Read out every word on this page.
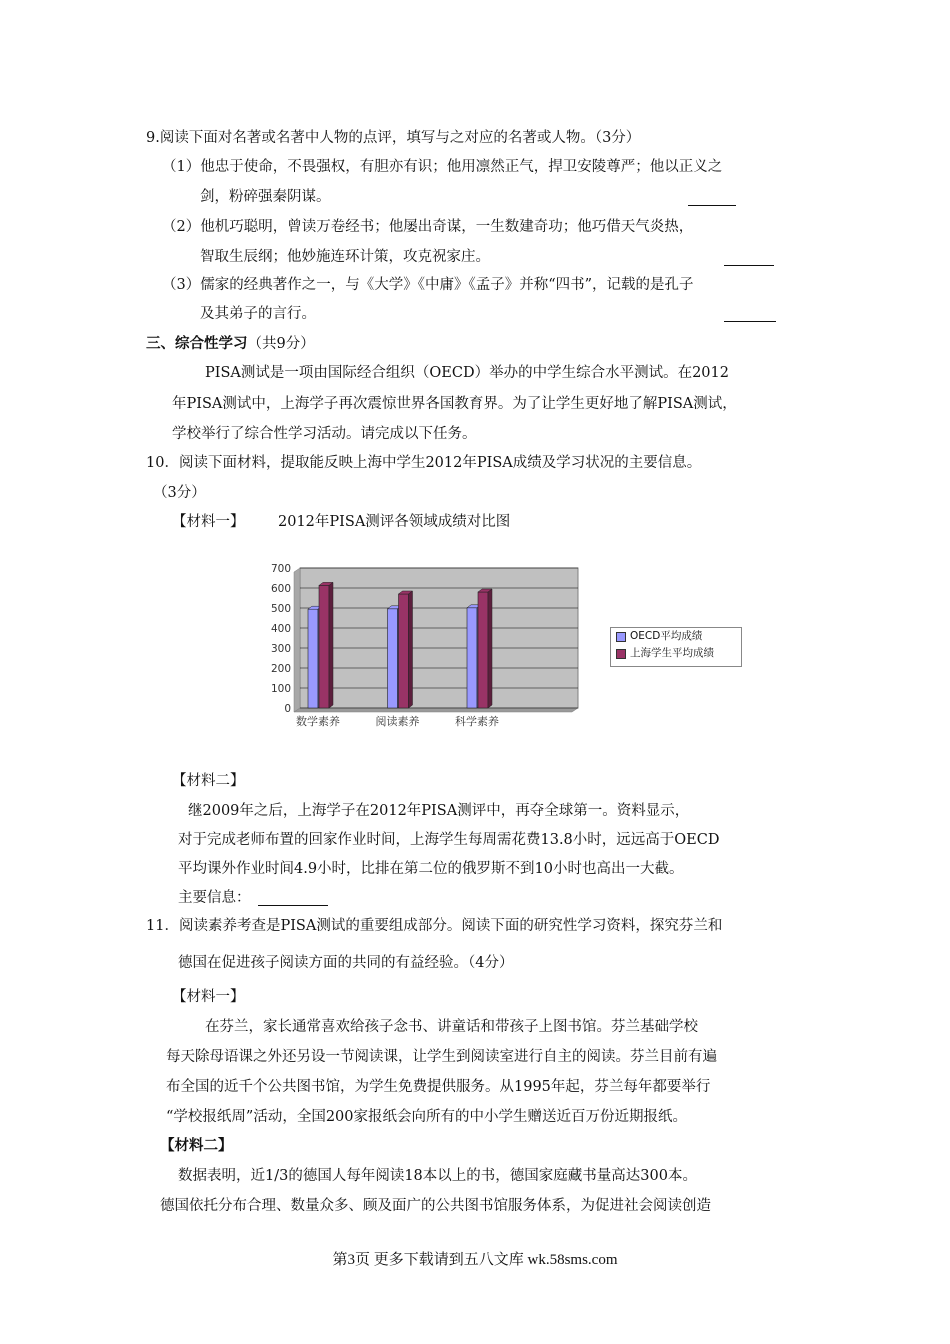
9.阅读下面对名著或名著中人物的点评，填写与之对应的名著或人物。（3分）
（1）他忠于使命，不畏强权，有胆亦有识；他用凛然正气，捍卫安陵尊严；他以正义之
剑，粉碎强秦阴谋。
（2）他机巧聪明，曾读万卷经书；他屡出奇谋，一生数建奇功；他巧借天气炎热，
智取生辰纲；他妙施连环计策，攻克祝家庄。
（3）儒家的经典著作之一，与《大学》《中庸》《孟子》并称“四书”，记载的是孔子
及其弟子的言行。
三、综合性学习（共9分）
PISA测试是一项由国际经合组织（OECD）举办的中学生综合水平测试。在2012
年PISA测试中，上海学子再次震惊世界各国教育界。为了让学生更好地了解PISA测试，
学校举行了综合性学习活动。请完成以下任务。
10．阅读下面材料，提取能反映上海中学生2012年PISA成绩及学习状况的主要信息。
（3分）
【材料一】 2012年PISA测评各领域成绩对比图
0
100
200
300
400
500
600
700
数学素养	阅读素养	科学素养
OECD平均成绩
上海学生平均成绩
【材料二】
继2009年之后，上海学子在2012年PISA测评中，再夺全球第一。资料显示，
对于完成老师布置的回家作业时间，上海学生每周需花费13.8小时，远远高于OECD
平均课外作业时间4.9小时，比排在第二位的俄罗斯不到10小时也高出一大截。
主要信息：
11．阅读素养考查是PISA测试的重要组成部分。阅读下面的研究性学习资料，探究芬兰和
德国在促进孩子阅读方面的共同的有益经验。（4分）
【材料一】
在芬兰，家长通常喜欢给孩子念书、讲童话和带孩子上图书馆。芬兰基础学校
每天除母语课之外还另设一节阅读课，让学生到阅读室进行自主的阅读。芬兰目前有遍
布全国的近千个公共图书馆，为学生免费提供服务。从1995年起，芬兰每年都要举行
“学校报纸周”活动，全国200家报纸会向所有的中小学生赠送近百万份近期报纸。
【材料二】
数据表明，近1/3的德国人每年阅读18本以上的书，德国家庭藏书量高达300本。
德国依托分布合理、数量众多、顾及面广的公共图书馆服务体系，为促进社会阅读创造
第3页 更多下载请到五八文库 wk.58sms.com
